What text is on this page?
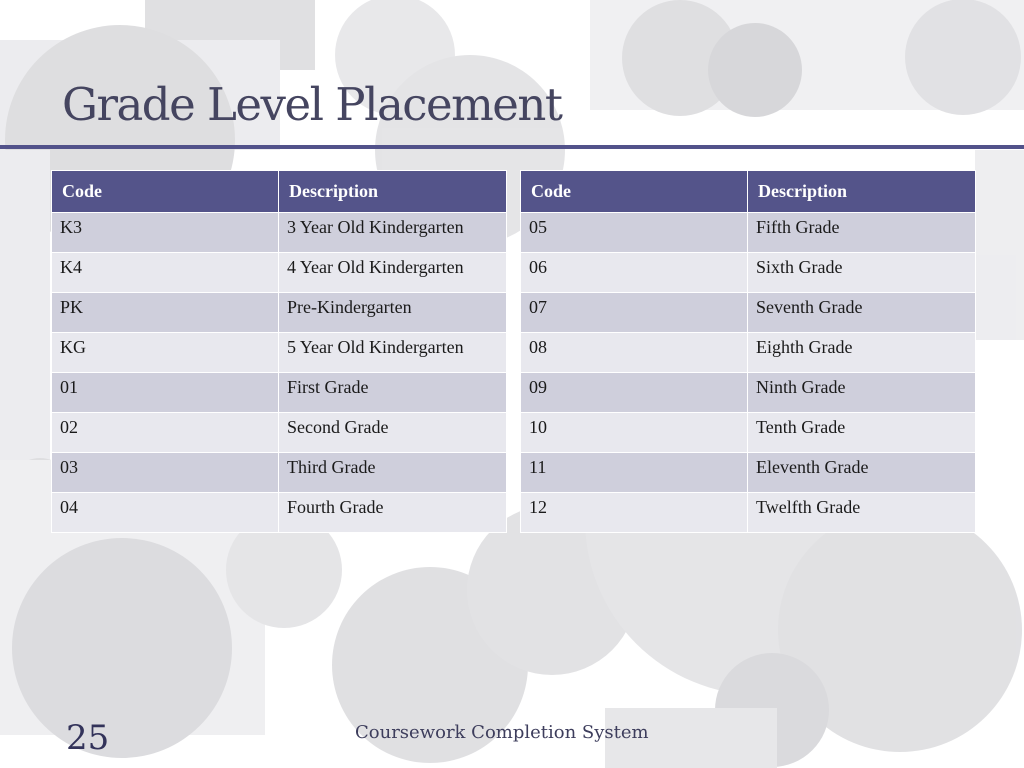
Grade Level Placement
Code	Description
K3	3 Year Old Kindergarten
K4	4 Year Old Kindergarten
PK	Pre-Kindergarten
KG	5 Year Old Kindergarten
01	First Grade
02	Second Grade
03	Third Grade
04	Fourth Grade
Code	Description
05	Fifth Grade
06	Sixth Grade
07	Seventh Grade
08	Eighth Grade
09	Ninth Grade
10	Tenth Grade
11	Eleventh Grade
12	Twelfth Grade
25	Coursework Completion System
